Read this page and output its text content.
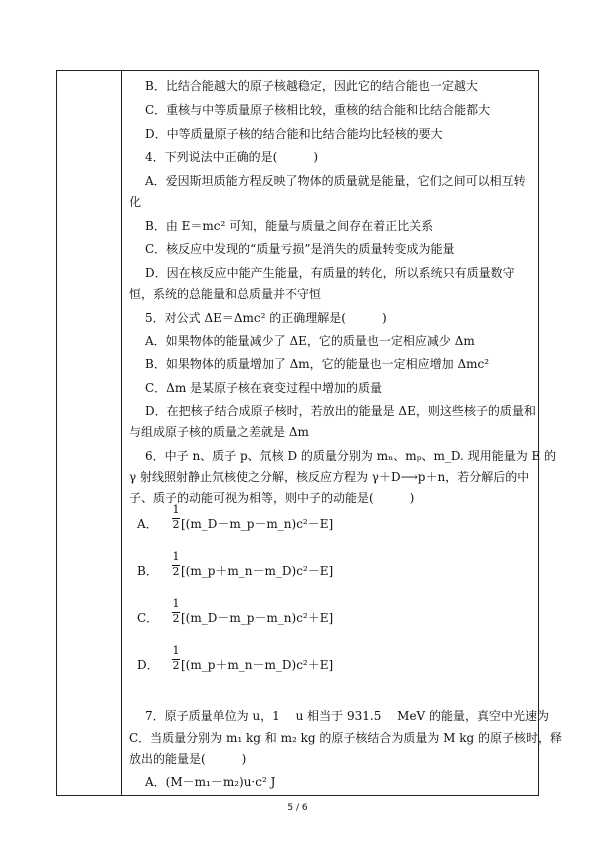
B．比结合能越大的原子核越稳定，因此它的结合能也一定越大
C．重核与中等质量原子核相比较，重核的结合能和比结合能都大
D．中等质量原子核的结合能和比结合能均比轻核的要大
4．下列说法中正确的是(　　　)
A．爱因斯坦质能方程反映了物体的质量就是能量，它们之间可以相互转
化
B．由 E＝mc² 可知，能量与质量之间存在着正比关系
C．核反应中发现的“质量亏损”是消失的质量转变成为能量
D．因在核反应中能产生能量，有质量的转化，所以系统只有质量数守
恒，系统的总能量和总质量并不守恒
5．对公式 ΔE＝Δmc² 的正确理解是(　　　)
A．如果物体的能量减少了 ΔE，它的质量也一定相应减少 Δm
B．如果物体的质量增加了 Δm，它的能量也一定相应增加 Δmc²
C．Δm 是某原子核在衰变过程中增加的质量
D．在把核子结合成原子核时，若放出的能量是 ΔE，则这些核子的质量和
与组成原子核的质量之差就是 Δm
6．中子 n、质子 p、氘核 D 的质量分别为 mₙ、mₚ、m_D. 现用能量为 E 的
γ 射线照射静止氘核使之分解，核反应方程为 γ＋D⟶p＋n，若分解后的中
子、质子的动能可视为相等，则中子的动能是(　　　)
A．
1
2 [(m_D－m_p－m_n)c²－E]
B．
1
2 [(m_p＋m_n－m_D)c²－E]
C．
1
2 [(m_D－m_p－m_n)c²＋E]
D．
1
2 [(m_p＋m_n－m_D)c²＋E]
7．原子质量单位为 u，1　 u 相当于 931.5　 MeV 的能量，真空中光速为
C．当质量分别为 m₁ kg 和 m₂ kg 的原子核结合为质量为 M kg 的原子核时，释
放出的能量是(　　　)
A．(M－m₁－m₂)u·c² J
5 / 6
